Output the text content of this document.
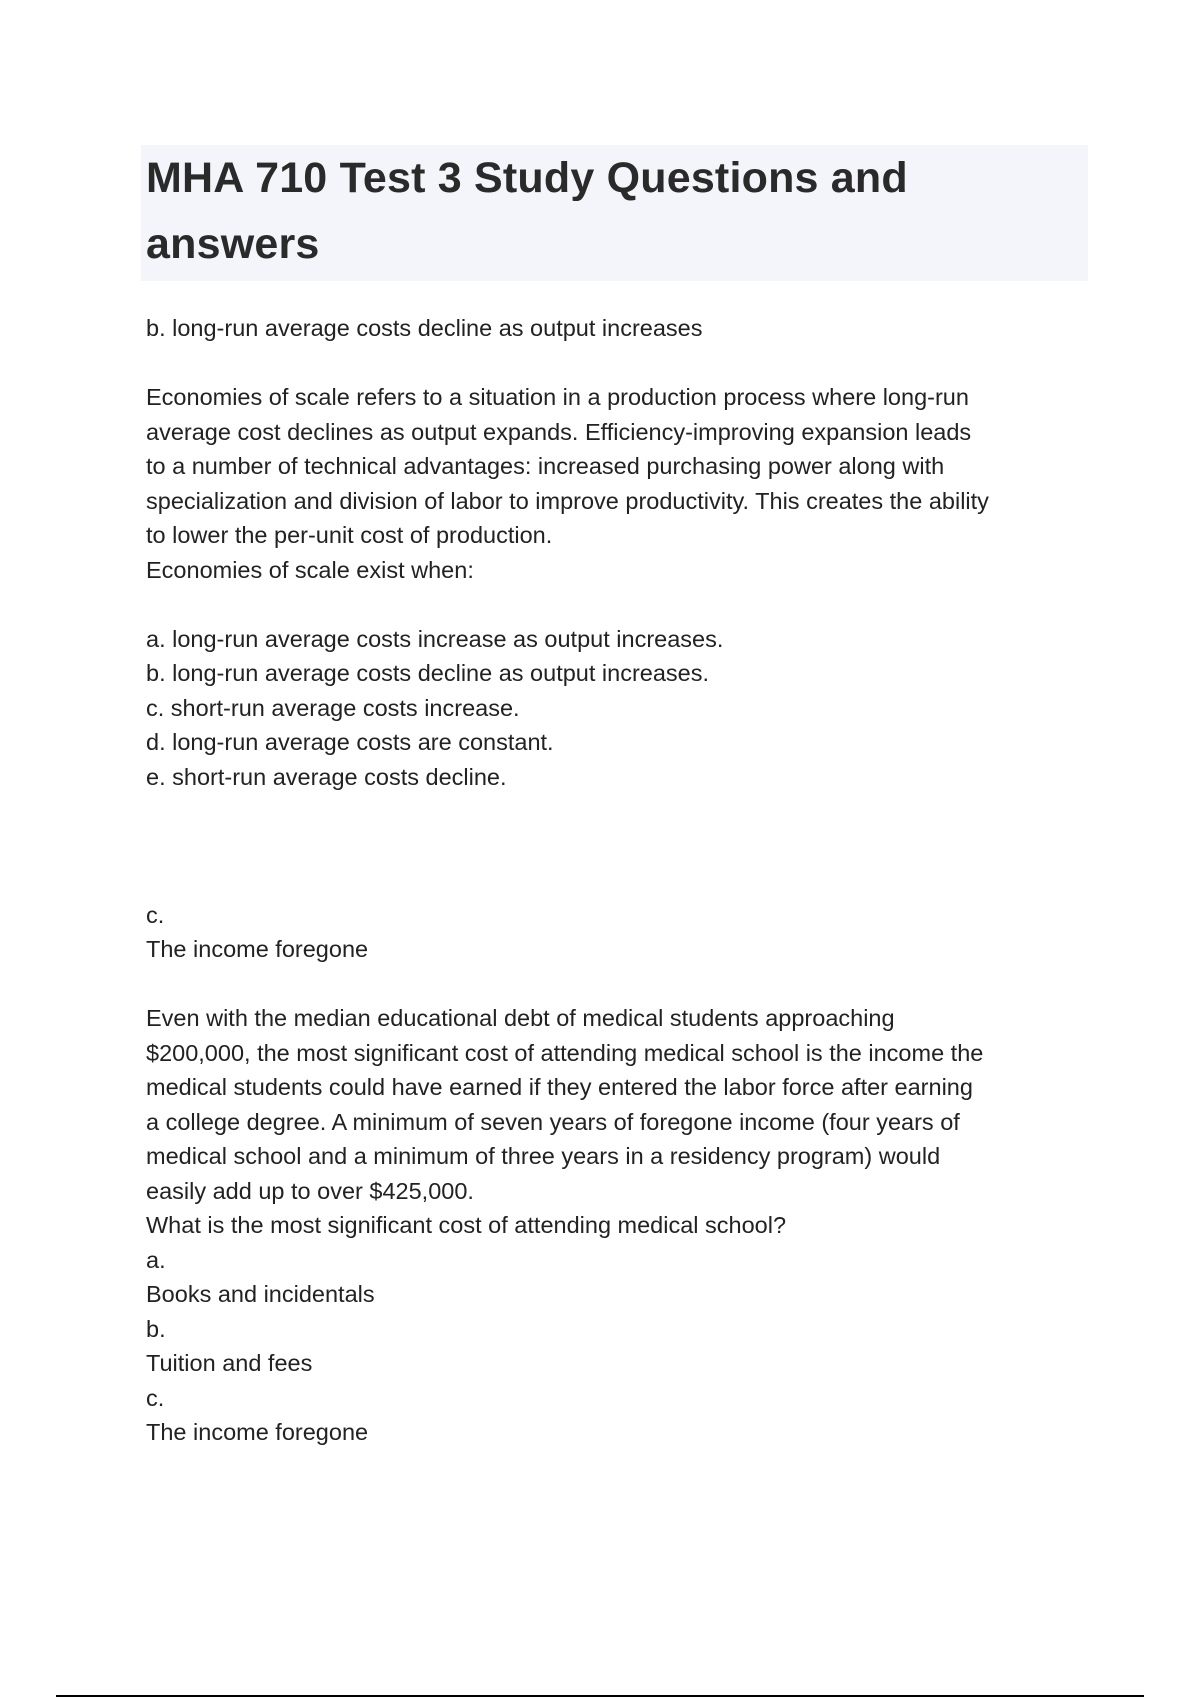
MHA 710 Test 3 Study Questions and answers

b. long-run average costs decline as output increases

Economies of scale refers to a situation in a production process where long-run

average cost declines as output expands. Efficiency-improving expansion leads

to a number of technical advantages: increased purchasing power along with

specialization and division of labor to improve productivity. This creates the ability

to lower the per-unit cost of production.

Economies of scale exist when:

a. long-run average costs increase as output increases.

b. long-run average costs decline as output increases.

c. short-run average costs increase.

d. long-run average costs are constant.

e. short-run average costs decline.

c.

The income foregone

Even with the median educational debt of medical students approaching

$200,000, the most significant cost of attending medical school is the income the

medical students could have earned if they entered the labor force after earning

a college degree. A minimum of seven years of foregone income (four years of

medical school and a minimum of three years in a residency program) would

easily add up to over $425,000.

What is the most significant cost of attending medical school?

a.

Books and incidentals

b.

Tuition and fees

c.

The income foregone
